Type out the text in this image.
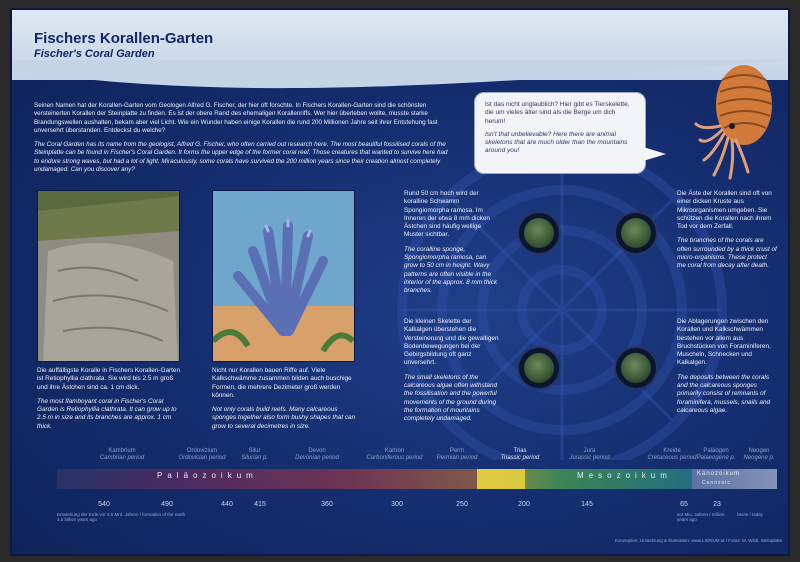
Fischers Korallen-Garten
Fischer's Coral Garden

Seinen Namen hat der Korallen-Garten vom Geologen Alfred G. Fischer, der hier oft forschte. In Fischers Korallen-Garten sind die schönsten versteinerten Korallen der Steinplatte zu finden. Es ist der obere Rand des ehemaligen Korallenriffs. Wer hier überleben wollte, musste starke Brandungswellen aushalten, bekam aber viel Licht. Wie ein Wunder haben einige Korallen die rund 200 Millionen Jahre seit ihrer Entstehung fast unversehrt überstanden. Entdeckst du welche?

The Coral Garden has its name from the geologist, Alfred G. Fischer, who often carried out research here. The most beautiful fossilised corals of the Steinplatte can be found in Fischer's Coral Garden. It forms the upper edge of the former coral reef. Those creatures that wanted to survive here had to endure strong waves, but had a lot of light. Miraculously, some corals have survived the 200 million years since their creation almost completely undamaged. Can you discover any?

Ist das nicht unglaublich? Hier gibt es Tierskelette, die um vieles älter sind als die Berge um dich herum!
Isn't that unbelievable? Here there are animal skeletons that are much older than the mountains around you!
Die auffälligste Koralle in Fischers Korallen-Garten ist Retiophyllia clathrata. Sie wird bis 2.5 m groß und ihre Ästchen sind ca. 1 cm dick.
The most flamboyant coral in Fischer's Coral Garden is Retiophyllia clathrata. It can grow up to 2.5 m in size and its branches are approx. 1 cm thick.
Nicht nur Korallen bauen Riffe auf. Viele Kalkschwämme zusammen bilden auch buschige Formen, die mehrere Dezimeter groß werden können.
Not only corals build reefs. Many calcareous sponges together also form bushy shapes that can grow to several decimetres in size.
Rund 50 cm hoch wird der koralline Schwamm Spongiomorpha ramosa. Im Inneren der etwa 8 mm dicken Ästchen sind häufig wellige Muster sichtbar.
The coralline sponge, Spongiomorpha ramosa, can grow to 50 cm in height. Wavy patterns are often visible in the interior of the approx. 8 mm thick branches.
Die kleinen Skelette der Kalkalgen überstehen die Versteinerung und die gewaltigen Bodenbewegungen bei der Gebirgsbildung oft ganz unversehrt.
The small skeletons of the calcareous algae often withstand the fossilisation and the powerful movements of the ground during the formation of mountains completely undamaged.
Die Äste der Korallen sind oft von einer dicken Kruste aus Mikroorganismen umgeben. Sie schützen die Korallen nach ihrem Tod vor dem Zerfall.
The branches of the corals are often surrounded by a thick crust of micro-organisms. These protect the coral from decay after death.
Die Ablagerungen zwischen den Korallen und Kalkschwämmen bestehen vor allem aus Bruchstücken von Foraminiferen, Muscheln, Schnecken und Kalkalgen.
The deposits between the corals and the calcareous sponges primarily consist of remnants of foraminifera, mussels, snails and calcareous algae.
Kambrium
Cambrian period
Ordovizium
Ordovician period
Silur
Silurian p.
Devon
Devonian period
Karbon
Carboniferous period
Perm
Permian period
Trias
Triassic period
Jura
Jurassic period
Kreide
Cretaceous period
Paläogen
Palaeogene p.
Neogen
Neogene p.
Paläozoikum	Mesozoikum	Känozoikum
Cenozoic
540	490	440	415	360	300	250	200	145	65	23
Entstehung der Erde vor 4.5 Mrd. Jahren / formation of the earth 4.5 billion years ago
vor Mio. Jahren / million years ago
heute / today
Konzeption, Umsetzung & Illustration: www.LIGNUM.at / Fotos: M. Wildt, Steinplatte
